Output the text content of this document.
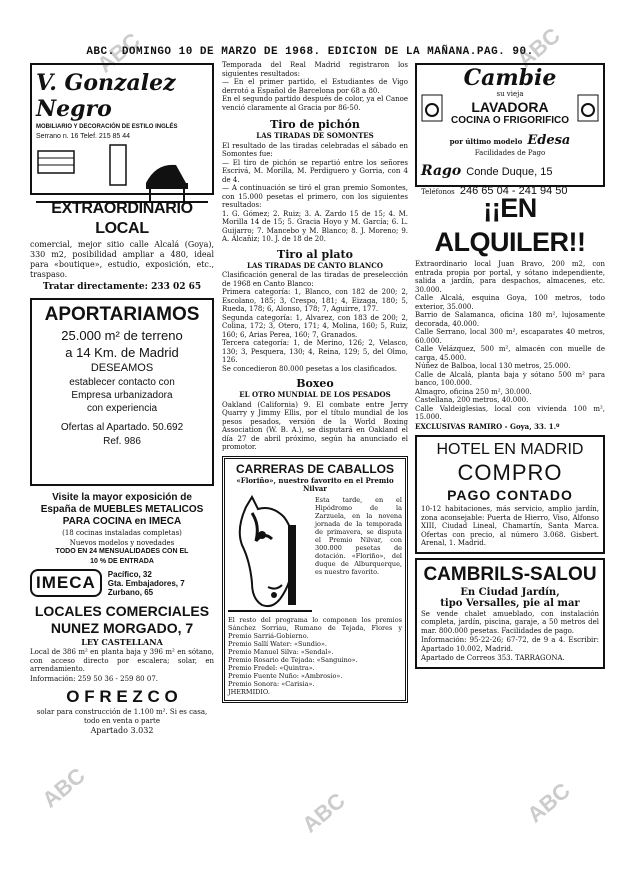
ABC	ABC
ABC
ABC	ABC
ABC. DOMINGO 10 DE MARZO DE 1968. EDICION DE LA MAÑANA.PAG. 90.
V. Gonzalez Negro
MOBILIARIO Y DECORACIÓN DE ESTILO INGLÉS
Serrano n. 16 Telef. 215 85 44
EXTRAORDINARIO LOCAL
comercial, mejor sitio calle Alcalá (Goya), 330 m2, posibilidad ampliar a 480, ideal para «boutique», estudio, exposición, etc., traspaso.
Tratar directamente: 233 02 65
APORTARIAMOS
25.000 m² de terreno
a 14 Km. de Madrid
DESEAMOS
establecer contacto con
Empresa urbanizadora
con experiencia
Ofertas al Apartado. 50.692
Ref. 986
Visite la mayor exposición de
España de MUEBLES METALICOS
PARA COCINA en IMECA
(18 cocinas instaladas completas)
Nuevos modelos y novedades
TODO EN 24 MENSUALIDADES CON EL
10 % DE ENTRADA
IMECA	Pacífico, 32
Gta. Embajadores, 7
Zurbano, 65
LOCALES COMERCIALES
NUNEZ MORGADO, 7
LEY CASTELLANA
Local de 386 m² en planta baja y 396 m² en sótano, con acceso directo por escalera; solar, en arrendamiento.
Información: 259 50 36 - 259 80 07.
O F R E Z C O
solar para construcción de 1.100 m². Si es casa, todo en venta o parte
Apartado 3.032
Temporada del Real Madrid registraron los siguientes resultados:
— En el primer partido, el Estudiantes de Vigo derrotó a Español de Barcelona por 68 a 80.
En el segundo partido después de color, ya el Canoe venció claramente al Gracia por 86-50.
Tiro de pichón
LAS TIRADAS DE SOMONTES
El resultado de las tiradas celebradas el sábado en Somontes fue:
— El tiro de pichón se repartió entre los señores Escrivá, M. Morilla, M. Perdiguero y Gorria, con 4 de 4.
— A continuación se tiró el gran premio Somontes, con 15.000 pesetas el primero, con los siguientes resultados:
1. G. Gómez; 2. Ruiz; 3. A. Zardo 15 de 15; 4. M. Morilla 14 de 15; 5. Gracia Hoyo y M. García; 6. L. Guijarro; 7. Mancebo y M. Blanco; 8. J. Moreno; 9. A. Alcañiz; 10. J. de 18 de 20.
Tiro al plato
LAS TIRADAS DE CANTO BLANCO
Clasificación general de las tiradas de preselección de 1968 en Canto Blanco:
Primera categoría: 1, Blanco, con 182 de 200; 2, Escolano, 185; 3, Crespo, 181; 4, Eizaga, 180; 5, Rueda, 178; 6, Alonso, 178; 7, Aguirre, 177.
Segunda categoría: 1, Alvarez, con 183 de 200; 2, Colina, 172; 3, Otero, 171; 4, Molina, 160; 5, Ruiz, 160; 6, Arias Perea, 160; 7, Granados.
Tercera categoría: 1, de Merino, 126; 2, Velasco, 130; 3, Pesquera, 130; 4, Reina, 129; 5, del Olmo, 126.
Se concedieron 80.000 pesetas a los clasificados.
Boxeo
EL OTRO MUNDIAL DE LOS PESADOS
Oakland (California) 9. El combate entre Jerry Quarry y Jimmy Ellis, por el título mundial de los pesos pesados, versión de la World Boxing Association (W. B. A.), se disputará en Oakland el día 27 de abril próximo, según ha anunciado el promotor.
CARRERAS DE CABALLOS
«Floriño», nuestro favorito en el Premio Nilvar
Esta tarde, en el Hipódromo de la Zarzuela, en la novena jornada de la temporada de primavera, se disputa el Premio Nilvar, con 300.000 pesetas de dotación. «Floriño», del duque de Alburquerque, es nuestro favorito.
El resto del programa lo componen los premios Sánchez Sorriau, Rumano de Tejada, Flores y Premio Sarriá-Gobierno.
Premio Sallí Water: «Sundio».
Premio Manuel Silva: «Sendal».
Premio Rosario de Tejada: «Sanguino».
Premio Fredel: «Quintra».
Premio Fuente Nuño: «Ambrosio».
Premio Sonora: «Carisia».
JHERMIDIO.
Cambie
su vieja
LAVADORA
COCINA O FRIGORIFICO
por último modelo Edesa
Facilidades de Pago
Rago Conde Duque, 15
Teléfonos 246 65 04 - 241 94 50
¡¡EN ALQUILER!!
Extraordinario local Juan Bravo, 200 m2, con entrada propia por portal, y sótano independiente, salida a jardín, para despachos, almacenes, etc. 30.000.
Calle Alcalá, esquina Goya, 100 metros, todo exterior, 35.000.
Barrio de Salamanca, oficina 180 m², lujosamente decorada, 40.000.
Calle Serrano, local 300 m², escaparates 40 metros, 60.000.
Calle Velázquez, 500 m², almacén con muelle de carga, 45.000.
Núñez de Balboa, local 130 metros, 25.000.
Calle de Alcalá, planta baja y sótano 500 m² para banco, 100.000.
Almagro, oficina 250 m², 30.000.
Castellana, 200 metros, 40.000.
Calle Valdeiglesias, local con vivienda 100 m², 15.000.
EXCLUSIVAS RAMIRO - Goya, 33. 1.º
HOTEL EN MADRID
COMPRO
PAGO CONTADO
10-12 habitaciones, más servicio, amplio jardín, zona aconsejable: Puerta de Hierro, Viso, Alfonso XIII, Ciudad Lineal, Chamartín, Santa Marca. Ofertas con precio, al número 3.068. Gisbert. Arenal, 1. Madrid.
CAMBRILS-SALOU
En Ciudad Jardín,
tipo Versalles, pie al mar
Se vende chalet amueblado, con instalación completa, jardín, piscina, garaje, a 50 metros del mar. 800.000 pesetas. Facilidades de pago.
Información: 95-22-26; 67-72, de 9 a 4. Escribir: Apartado 10.002, Madrid.
Apartado de Correos 353. TARRAGONA.
